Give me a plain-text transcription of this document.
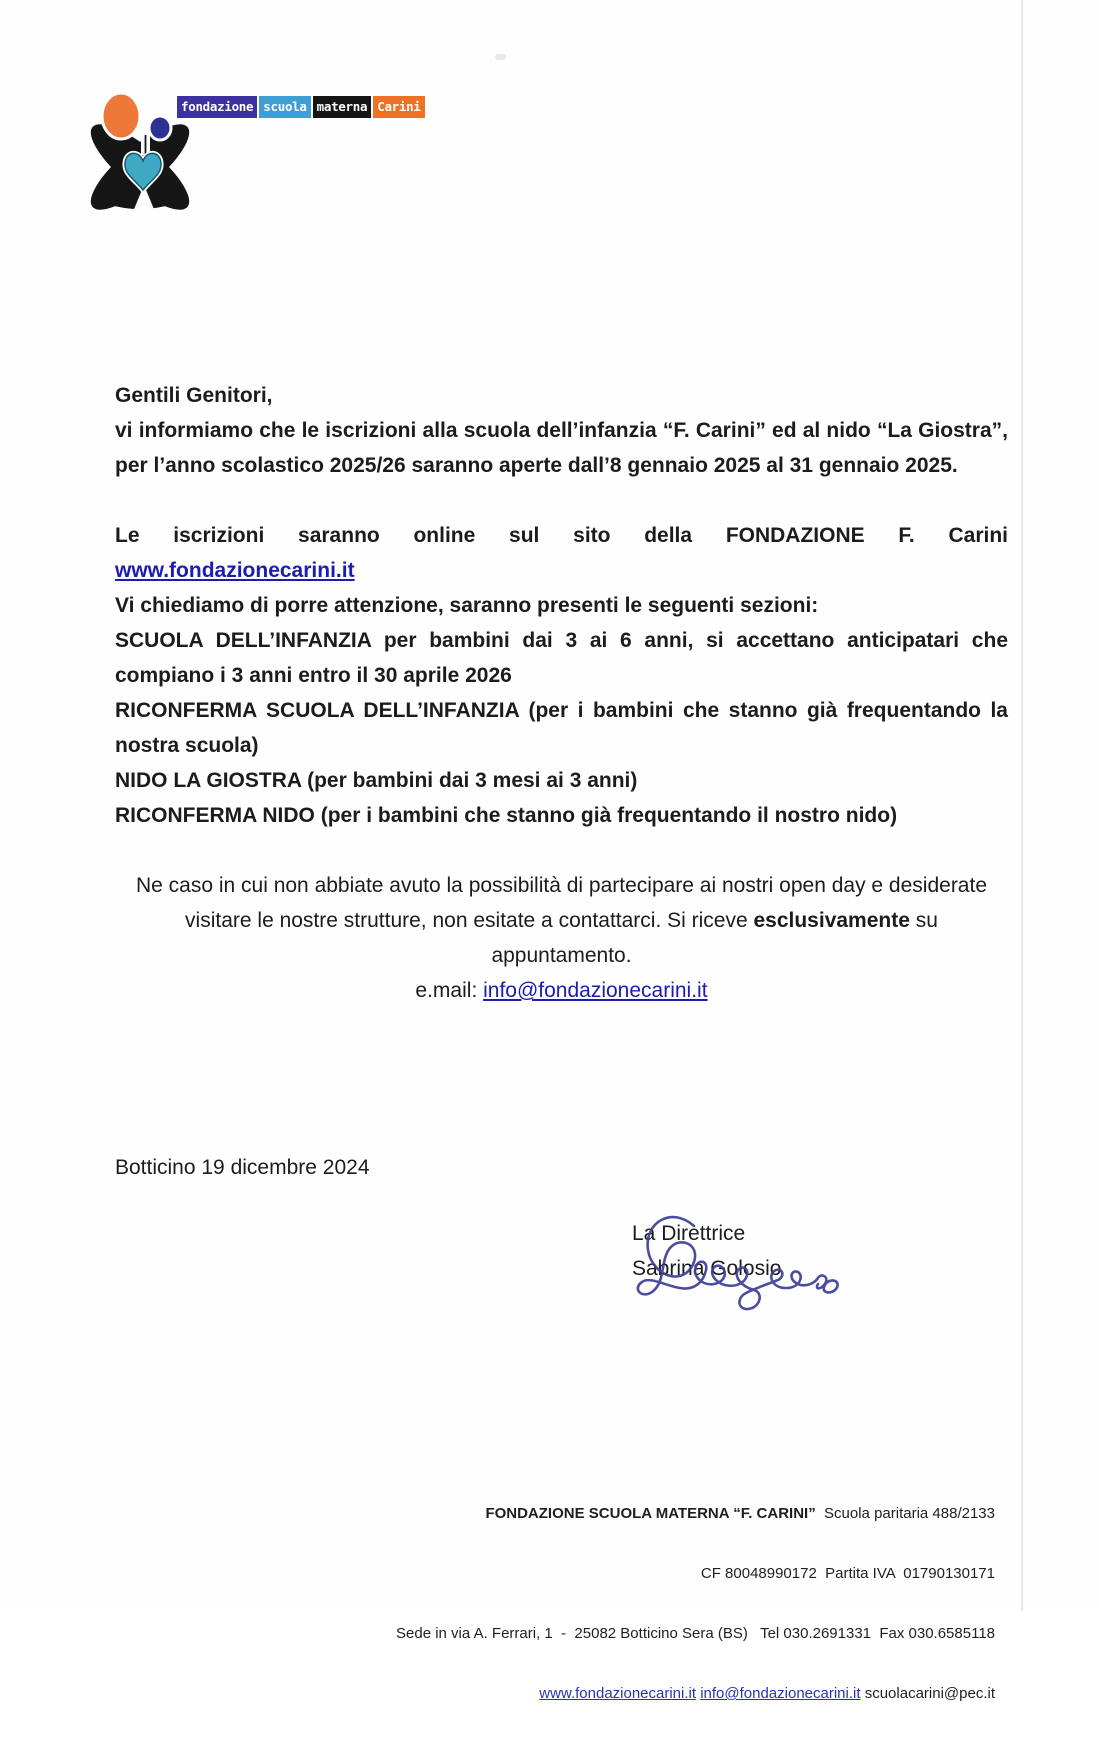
fondazione scuola materna Carini
Gentili Genitori,

vi informiamo che le iscrizioni alla scuola dell’infanzia “F. Carini” ed al nido “La Giostra”, per l’anno scolastico 2025/26 saranno aperte dall’8 gennaio 2025 al 31 gennaio 2025.

Le iscrizioni saranno online sul sito della FONDAZIONE F. Carini
www.fondazionecarini.it
Vi chiediamo di porre attenzione, saranno presenti le seguenti sezioni:

SCUOLA DELL’INFANZIA per bambini dai 3 ai 6 anni, si accettano anticipatari che compiano i 3 anni entro il 30 aprile 2026

RICONFERMA SCUOLA DELL’INFANZIA (per i bambini che stanno già frequentando la nostra scuola)

NIDO LA GIOSTRA (per bambini dai 3 mesi ai 3 anni)

RICONFERMA NIDO (per i bambini che stanno già frequentando il nostro nido)

Ne caso in cui non abbiate avuto la possibilità di partecipare ai nostri open day e desiderate visitare le nostre strutture, non esitate a contattarci. Si riceve esclusivamente su appuntamento.

e.mail: info@fondazionecarini.it
Botticino 19 dicembre 2024
La Direttrice
Sabrina Golosio

FONDAZIONE SCUOLA MATERNA “F. CARINI”  Scuola paritaria 488/2133

CF 80048990172  Partita IVA  01790130171

Sede in via A. Ferrari, 1  -  25082 Botticino Sera (BS)   Tel 030.2691331  Fax 030.6585118

www.fondazionecarini.it info@fondazionecarini.it scuolacarini@pec.it
